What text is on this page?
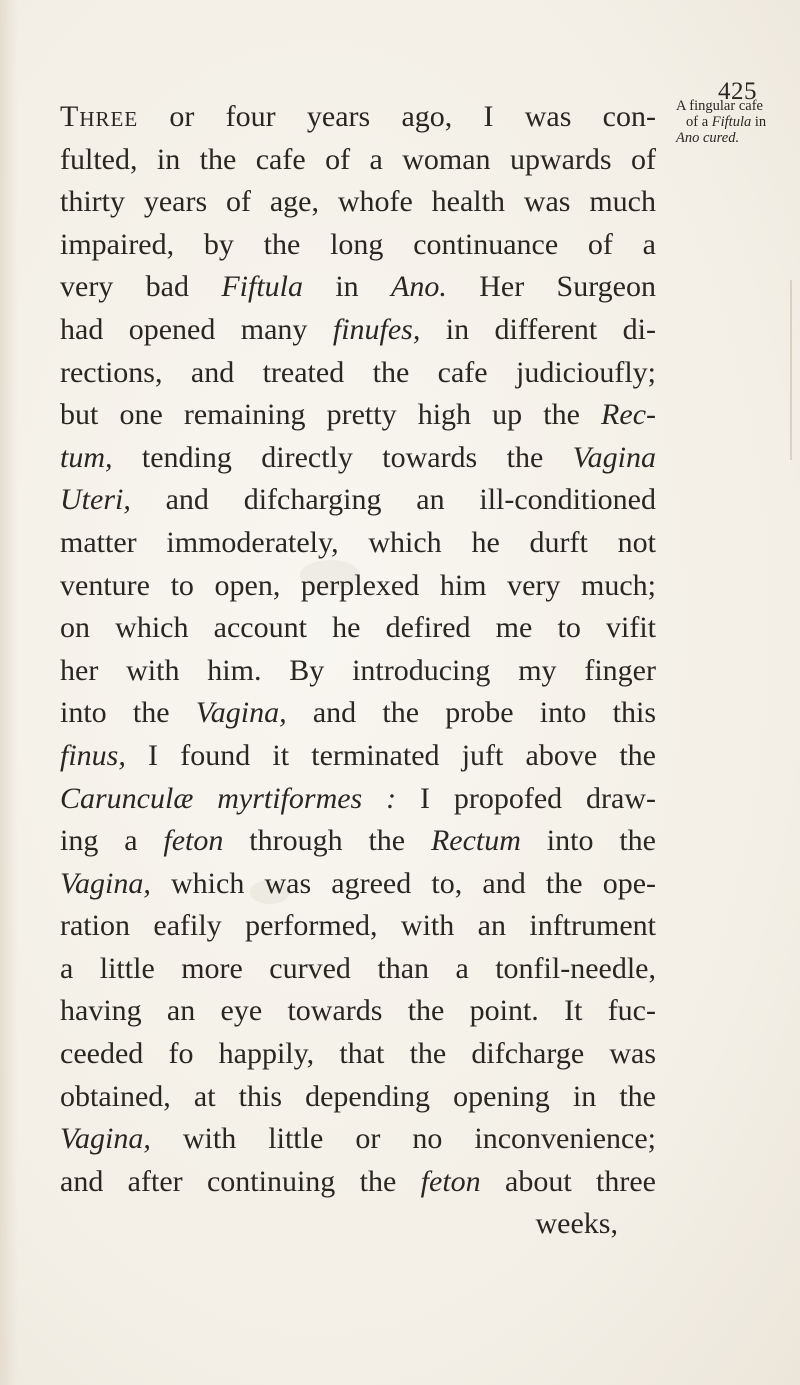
425
A fingular cafe
of a Fiftula in
Ano cured.
Three or four years ago, I was con-
fulted, in the cafe of a woman upwards of
thirty years of age, whofe health was much
impaired, by the long continuance of a
very bad Fiftula in Ano. Her Surgeon
had opened many finufes, in different di-
rections, and treated the cafe judicioufly;
but one remaining pretty high up the Rec-
tum, tending directly towards the Vagina
Uteri, and difcharging an ill-conditioned
matter immoderately, which he durft not
venture to open, perplexed him very much;
on which account he defired me to vifit
her with him. By introducing my finger
into the Vagina, and the probe into this
finus, I found it terminated juft above the
Carunculæ myrtiformes : I propofed draw-
ing a feton through the Rectum into the
Vagina, which was agreed to, and the ope-
ration eafily performed, with an inftrument
a little more curved than a tonfil-needle,
having an eye towards the point. It fuc-
ceeded fo happily, that the difcharge was
obtained, at this depending opening in the
Vagina, with little or no inconvenience;
and after continuing the feton about three
weeks,
